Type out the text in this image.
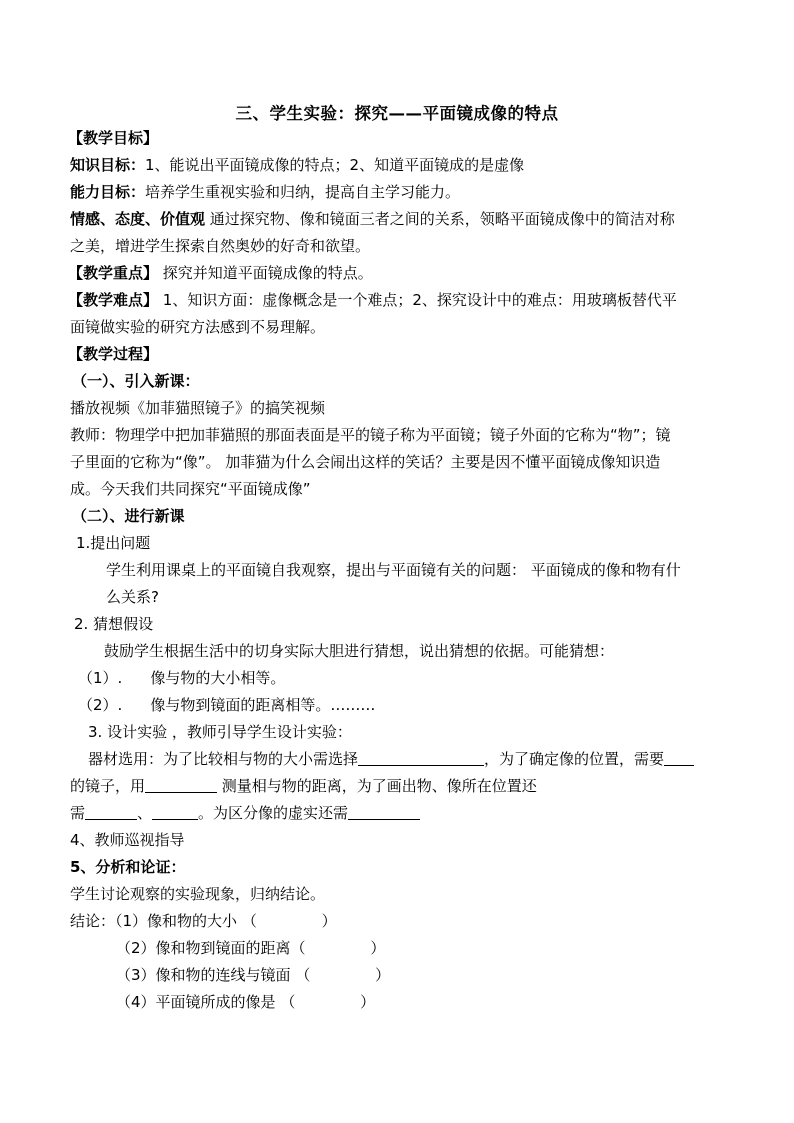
三、学生实验：探究——平面镜成像的特点
【教学目标】
知识目标：1、能说出平面镜成像的特点；2、知道平面镜成的是虚像
能力目标：培养学生重视实验和归纳，提高自主学习能力。
情感、态度、价值观 通过探究物、像和镜面三者之间的关系，领略平面镜成像中的简洁对称
之美，增进学生探索自然奥妙的好奇和欲望。
【教学重点】 探究并知道平面镜成像的特点。
【教学难点】 1、知识方面：虚像概念是一个难点；2、探究设计中的难点：用玻璃板替代平
面镜做实验的研究方法感到不易理解。
【教学过程】
（一）、引入新课：
播放视频《加菲猫照镜子》的搞笑视频
教师：物理学中把加菲猫照的那面表面是平的镜子称为平面镜；镜子外面的它称为“物”；镜
子里面的它称为“像”。 加菲猫为什么会闹出这样的笑话？主要是因不懂平面镜成像知识造
成。今天我们共同探究“平面镜成像”
（二）、进行新课
1.提出问题
学生利用课桌上的平面镜自我观察，提出与平面镜有关的问题： 平面镜成的像和物有什
么关系?
2. 猜想假设
鼓励学生根据生活中的切身实际大胆进行猜想，说出猜想的依据。可能猜想：
（1）. 像与物的大小相等。
（2）. 像与物到镜面的距离相等。………
3. 设计实验 ，教师引导学生设计实验：
器材选用：为了比较相与物的大小需选择	，为了确定像的位置，需要
的镜子，用	测量相与物的距离，为了画出物、像所在位置还
需	、	。为区分像的虚实还需
4、教师巡视指导
5、分析和论证：
学生讨论观察的实验现象，归纳结论。
结论：（1）像和物的大小 （　　　　 ）
（2）像和物到镜面的距离（　　　　 ）
（3）像和物的连线与镜面 （　　　　 ）
（4）平面镜所成的像是 （　　　　 ）
